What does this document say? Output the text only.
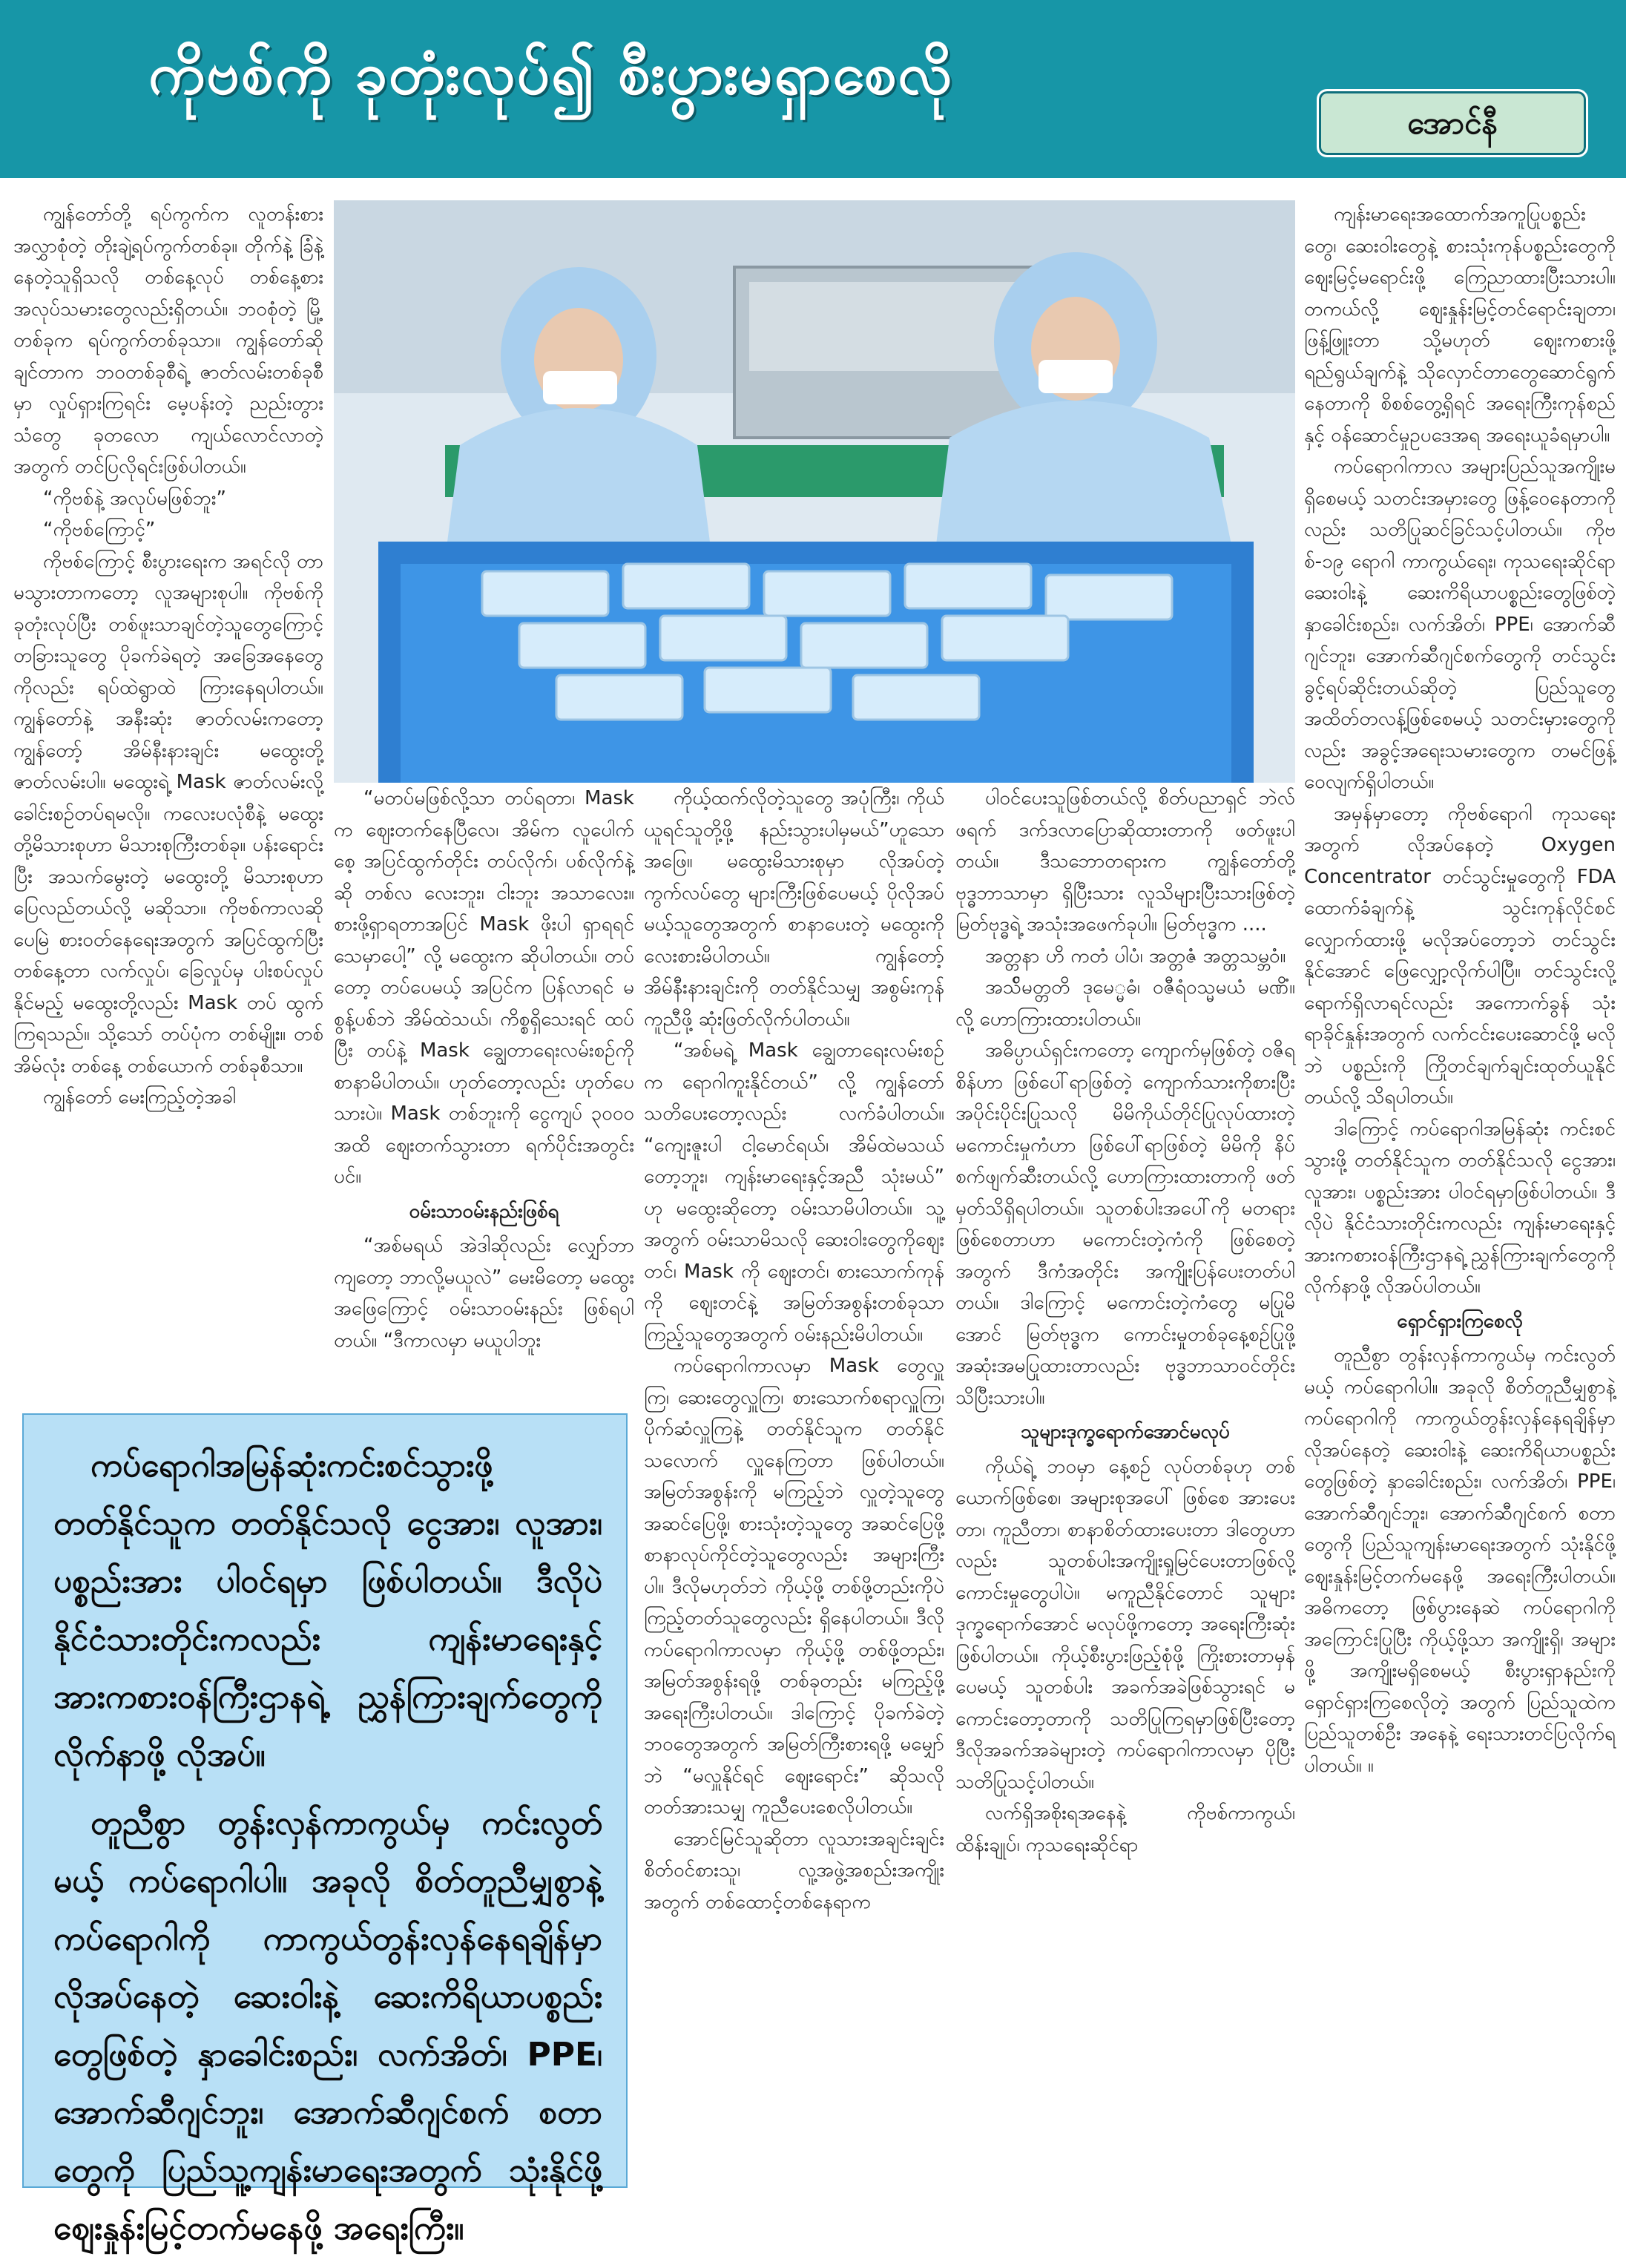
ကိုဗစ်ကို ခုတုံးလုပ်၍ စီးပွားမရှာစေလို
အောင်နီ

ကျွန်တော်တို့ ရပ်ကွက်က လူတန်းစား အလွှာစုံတဲ့ တိုးချဲ့ရပ်ကွက်တစ်ခု။ တိုက်နဲ့ ခြံနဲ့နေတဲ့သူရှိသလို တစ်နေ့လုပ် တစ်နေ့စား အလုပ်သမားတွေလည်းရှိတယ်။ ဘဝစုံတဲ့ မြို့တစ်ခုက ရပ်ကွက်တစ်ခုသာ။ ကျွန်တော်ဆိုချင်တာက ဘဝတစ်ခုစီရဲ့ ဇာတ်လမ်းတစ်ခုစီမှာ လှုပ်ရှားကြရင်း မေ့ပန်းတဲ့ ညည်းတွားသံတွေ ခုတလော ကျယ်လောင်လာတဲ့အတွက် တင်ပြလိုရင်းဖြစ်ပါတယ်။

“ကိုဗစ်နဲ့ အလုပ်မဖြစ်ဘူး”

“ကိုဗစ်ကြောင့်”

ကိုဗစ်ကြောင့် စီးပွားရေးက အရင်လို တာမသွားတာကတော့ လူအများစုပါ။ ကိုဗစ်ကို ခုတုံးလုပ်ပြီး တစ်ဖူးသာချင်တဲ့သူတွေကြောင့် တခြားသူတွေ ပိုခက်ခဲရတဲ့ အခြေအနေတွေကိုလည်း ရပ်ထဲရွာထဲ ကြားနေရပါတယ်။ ကျွန်တော်နဲ့ အနီးဆုံး ဇာတ်လမ်းကတော့ ကျွန်တော့် အိမ်နီးနားချင်း မထွေးတို့ ဇာတ်လမ်းပါ။ မထွေးရဲ့ Mask ဇာတ်လမ်းလို့ ခေါင်းစဉ်တပ်ရမလို။ ကလေးပလုံစီနဲ့ မထွေးတို့မိသားစုဟာ မိသားစုကြီးတစ်ခု။ ပန်းရောင်းပြီး အသက်မွေးတဲ့ မထွေးတို့ မိသားစုဟာ ပြေလည်တယ်လို့ မဆိုသာ။ ကိုဗစ်ကာလဆိုပေမြဲ စားဝတ်နေရေးအတွက် အပြင်ထွက်ပြီး တစ်နေ့တာ လက်လှုပ်၊ ခြေလှုပ်မှ ပါးစပ်လှုပ်နိုင်မည့် မထွေးတို့လည်း Mask တပ် ထွက်ကြရသည်။ သို့သော် တပ်ပုံက တစ်မျိုး။ တစ်အိမ်လုံး တစ်နေ့ တစ်ယောက် တစ်ခုစီသာ။

ကျွန်တော် မေးကြည့်တဲ့အခါ

“မတပ်မဖြစ်လို့သာ တပ်ရတာ၊ Mask က ဈေးတက်နေပြီလေ၊ အိမ်က လူပေါက်စေ့ အပြင်ထွက်တိုင်း တပ်လိုက်၊ ပစ်လိုက်နဲ့ဆို တစ်လ လေးဘူး၊ ငါးဘူး အသာလေး။ စားဖို့ရှာရတာအပြင် Mask ဖိုးပါ ရှာရရင် သေမှာပေါ့” လို့ မထွေးက ဆိုပါတယ်။ တပ်တော့ တပ်ပေမယ့် အပြင်က ပြန်လာရင် မစွန့်ပစ်ဘဲ အိမ်ထဲသယ်၊ ကိစ္စရှိသေးရင် ထပ်ပြီး တပ်နဲ့ Mask ချွေတာရေးလမ်းစဉ်ကို စာနာမိပါတယ်။ ဟုတ်တော့လည်း ဟုတ်ပေသားပဲ။ Mask တစ်ဘူးကို ငွေကျပ် ၃၀၀၀ အထိ ဈေးတက်သွားတာ ရက်ပိုင်းအတွင်းပင်။

ဝမ်းသာဝမ်းနည်းဖြစ်ရ

“အစ်မရယ် အဲဒါဆိုလည်း လျှော်ဘာကျတော့ ဘာလို့မယူလဲ” မေးမိတော့ မထွေးအဖြေကြောင့် ဝမ်းသာဝမ်းနည်း ဖြစ်ရပါတယ်။ “ဒီကာလမှာ မယူပါဘူး

ကိုယ့်ထက်လိုတဲ့သူတွေ အပုံကြီး၊ ကိုယ်ယူရင်သူတို့ဖို့ နည်းသွားပါမှမယ်”ဟူသော အဖြေ။ မထွေးမိသားစုမှာ လိုအပ်တဲ့ ကွက်လပ်တွေ များကြီးဖြစ်ပေမယ့် ပိုလိုအပ်မယ့်သူတွေအတွက် စာနာပေးတဲ့ မထွေးကို လေးစားမိပါတယ်။ ကျွန်တော့် အိမ်နီးနားချင်းကို တတ်နိုင်သမျှ အစွမ်းကုန် ကူညီဖို့ ဆုံးဖြတ်လိုက်ပါတယ်။

“အစ်မရဲ့ Mask ချွေတာရေးလမ်းစဉ်က ရောဂါကူးနိုင်တယ်” လို့ ကျွန်တော်သတိပေးတော့လည်း လက်ခံပါတယ်။ “ကျေးဇူးပါ ငါ့မောင်ရယ်၊ အိမ်ထဲမသယ်တော့ဘူး၊ ကျန်းမာရေးနှင့်အညီ သုံးမယ်” ဟု မထွေးဆိုတော့ ဝမ်းသာမိပါတယ်။ သူ့အတွက် ဝမ်းသာမိသလို ဆေးဝါးတွေကိုဈေးတင်၊ Mask ကို ဈေးတင်၊ စားသောက်ကုန်ကို ဈေးတင်နဲ့ အမြတ်အစွန်းတစ်ခုသာ ကြည့်သူတွေအတွက် ဝမ်းနည်းမိပါတယ်။

ကပ်ရောဂါကာလမှာ Mask တွေလှူကြ၊ ဆေးတွေလှူကြ၊ စားသောက်စရာလှူကြ၊ ပိုက်ဆံလှူကြနဲ့ တတ်နိုင်သူက တတ်နိုင်သလောက် လှူနေကြတာ ဖြစ်ပါတယ်။ အမြတ်အစွန်းကို မကြည့်ဘဲ လှူတဲ့သူတွေ အဆင်ပြေဖို့၊ စားသုံးတဲ့သူတွေ အဆင်ပြေဖို့ စာနာလုပ်ကိုင်တဲ့သူတွေလည်း အများကြီးပါ။ ဒီလိုမဟုတ်ဘဲ ကိုယ့်ဖို့ တစ်ဖို့တည်းကိုပဲ ကြည့်တတ်သူတွေလည်း ရှိနေပါတယ်။ ဒီလို ကပ်ရောဂါကာလမှာ ကိုယ့်ဖို့ တစ်ဖို့တည်း၊ အမြတ်အစွန်းရဖို့ တစ်ခုတည်း မကြည့်ဖို့ အရေးကြီးပါတယ်။ ဒါကြောင့် ပိုခက်ခဲတဲ့ ဘဝတွေအတွက် အမြတ်ကြီးစားရဖို့ မမျှော်ဘဲ “မလှူနိုင်ရင် ဈေးရောင်း” ဆိုသလို တတ်အားသမျှ ကူညီပေးစေလိုပါတယ်။

အောင်မြင်သူဆိုတာ လူသားအချင်းချင်း စိတ်ဝင်စားသူ၊ လူ့အဖွဲ့အစည်းအကျိုးအတွက် တစ်ထောင့်တစ်နေရာက

ပါဝင်ပေးသူဖြစ်တယ်လို့ စိတ်ပညာရှင် ဘဲလ်ဖရက် ဒက်ဒလာပြောဆိုထားတာကို ဖတ်ဖူးပါတယ်။ ဒီသဘောတရားက ကျွန်တော်တို့ ဗုဒ္ဓဘာသာမှာ ရှိပြီးသား လူသိများပြီးသားဖြစ်တဲ့ မြတ်ဗုဒ္ဓရဲ့ အသုံးအဖေက်ခုပါ။ မြတ်ဗုဒ္ဓက ....

အတ္တနာ ဟိ ကတံ ပါပံ၊ အတ္တဇံ အတ္တသမ္ဘဝံ။

အသ်ိမတ္တတိ ဒုမေ္မဓံ၊ ဝဇီရံဝသ္မမယံ မဏိံ။ လို့ ဟောကြားထားပါတယ်။

အဓိပ္ပာယ်ရှင်းကတော့ ကျောက်မှဖြစ်တဲ့ ဝဇိရစိန်ဟာ ဖြစ်ပေါ်ရာဖြစ်တဲ့ ကျောက်သားကိုစားပြီး အပိုင်းပိုင်းပြုသလို မိမိကိုယ်တိုင်ပြုလုပ်ထားတဲ့ မကောင်းမှုကံဟာ ဖြစ်ပေါ်ရာဖြစ်တဲ့ မိမိကို နိပ်စက်ဖျက်ဆီးတယ်လို့ ဟောကြားထားတာကို ဖတ်မှတ်သိရှိရပါတယ်။ သူတစ်ပါးအပေါ်ကို မတရားဖြစ်စေတာဟာ မကောင်းတဲ့ကံကို ဖြစ်စေတဲ့အတွက် ဒီကံအတိုင်း အကျိုးပြန်ပေးတတ်ပါတယ်။ ဒါကြောင့် မကောင်းတဲ့ကံတွေ မပြုမိအောင် မြတ်ဗုဒ္ဓက ကောင်းမှုတစ်ခုနေ့စဉ်ပြုဖို့ အဆုံးအမပြုထားတာလည်း ဗုဒ္ဓဘာသာဝင်တိုင်း သိပြီးသားပါ။

သူများဒုက္ခရောက်အောင်မလုပ်

ကိုယ်ရဲ့ ဘဝမှာ နေ့စဉ် လုပ်တစ်ခုဟု တစ်ယောက်ဖြစ်စေ၊ အများစုအပေါ် ဖြစ်စေ အားပေးတာ၊ ကူညီတာ၊ စာနာစိတ်ထားပေးတာ ဒါတွေဟာလည်း သူတစ်ပါးအကျိုးရှုမြင်ပေးတာဖြစ်လို့ ကောင်းမှုတွေပါပဲ။ မကူညီနိုင်တောင် သူများဒုက္ခရောက်အောင် မလုပ်ဖို့ကတော့ အရေးကြီးဆုံးဖြစ်ပါတယ်။ ကိုယ့်စီးပွားဖြည့်စုံဖို့ ကြိုးစားတာမှန်ပေမယ့် သူတစ်ပါး အခက်အခဲဖြစ်သွားရင် မကောင်းတော့တာကို သတိပြုကြရမှာဖြစ်ပြီးတော့ ဒီလိုအခက်အခဲများတဲ့ ကပ်ရောဂါကာလမှာ ပိုပြီး သတိပြုသင့်ပါတယ်။

လက်ရှိအစိုးရအနေနဲ့ ကိုဗစ်ကာကွယ်၊ ထိန်းချုပ်၊ ကုသရေးဆိုင်ရာ

ကျန်းမာရေးအထောက်အကူပြုပစ္စည်းတွေ၊ ဆေးဝါးတွေနဲ့ စားသုံးကုန်ပစ္စည်းတွေကို ဈေးမြင့်မရောင်းဖို့ ကြေညာထားပြီးသားပါ။ တကယ်လို့ ဈေးနှုန်းမြင့်တင်ရောင်းချတာ၊ ဖြန့်ဖြူးတာ သို့မဟုတ် ဈေးကစားဖို့ ရည်ရွယ်ချက်နဲ့ သိုလှောင်တာတွေဆောင်ရွက်နေတာကို စိစစ်တွေ့ရှိရင် အရေးကြီးကုန်စည်နှင့် ဝန်ဆောင်မှုဥပဒေအရ အရေးယူခံရမှာပါ။

ကပ်ရောဂါကာလ အများပြည်သူအကျိုးမရှိစေမယ့် သတင်းအမှားတွေ ဖြန့်ဝေနေတာကိုလည်း သတိပြုဆင်ခြင်သင့်ပါတယ်။ ကိုဗစ်-၁၉ ရောဂါ ကာကွယ်ရေး၊ ကုသရေးဆိုင်ရာ ဆေးဝါးနဲ့ ဆေးကိရိယာပစ္စည်းတွေဖြစ်တဲ့ နှာခေါင်းစည်း၊ လက်အိတ်၊ PPE၊ အောက်ဆီဂျင်ဘူး၊ အောက်ဆီဂျင်စက်တွေကို တင်သွင်းခွင့်ရပ်ဆိုင်းတယ်ဆိုတဲ့ ပြည်သူတွေ အထိတ်တလန့်ဖြစ်စေမယ့် သတင်းမှားတွေကိုလည်း အခွင့်အရေးသမားတွေက တမင်ဖြန့်ဝေလျက်ရှိပါတယ်။

အမှန်မှာတော့ ကိုဗစ်ရောဂါ ကုသရေးအတွက် လိုအပ်နေတဲ့ Oxygen Concentrator တင်သွင်းမှုတွေကို FDA ထောက်ခံချက်နဲ့ သွင်းကုန်လိုင်စင်လျှောက်ထားဖို့ မလိုအပ်တော့ဘဲ တင်သွင်းနိုင်အောင် ဖြေလျှော့လိုက်ပါပြီ။ တင်သွင်းလို့ ရောက်ရှိလာရင်လည်း အကောက်ခွန် သုံးရာခိုင်နှုန်းအတွက် လက်ငင်းပေးဆောင်ဖို့ မလိုဘဲ ပစ္စည်းကို ကြိုတင်ချက်ချင်းထုတ်ယူနိုင်တယ်လို့ သိရပါတယ်။

ဒါကြောင့် ကပ်ရောဂါအမြန်ဆုံး ကင်းစင်သွားဖို့ တတ်နိုင်သူက တတ်နိုင်သလို ငွေအား၊ လူအား၊ ပစ္စည်းအား ပါဝင်ရမှာဖြစ်ပါတယ်။ ဒီလိုပဲ နိုင်ငံသားတိုင်းကလည်း ကျန်းမာရေးနှင့် အားကစားဝန်ကြီးဌာနရဲ့ ညွှန်ကြားချက်တွေကို လိုက်နာဖို့ လိုအပ်ပါတယ်။

ရှောင်ရှားကြစေလို

တူညီစွာ တွန်းလှန်ကာကွယ်မှ ကင်းလွတ်မယ့် ကပ်ရောဂါပါ။ အခုလို စိတ်တူညီမျှစွာနဲ့ ကပ်ရောဂါကို ကာကွယ်တွန်းလှန်နေရချိန်မှာ လိုအပ်နေတဲ့ ဆေးဝါးနဲ့ ဆေးကိရိယာပစ္စည်းတွေဖြစ်တဲ့ နှာခေါင်းစည်း၊ လက်အိတ်၊ PPE၊ အောက်ဆီဂျင်ဘူး၊ အောက်ဆီဂျင်စက် စတာတွေကို ပြည်သူကျန်းမာရေးအတွက် သုံးနိုင်ဖို့ ဈေးနှုန်းမြင့်တက်မနေဖို့ အရေးကြီးပါတယ်။ အဓိကတော့ ဖြစ်ပွားနေဆဲ ကပ်ရောဂါကို အကြောင်းပြုပြီး ကိုယ့်ဖို့သာ အကျိုးရှိ၊ အများဖို့ အကျိုးမရှိစေမယ့် စီးပွားရှာနည်းကို ရှောင်ရှားကြစေလိုတဲ့ အတွက် ပြည်သူထဲက ပြည်သူတစ်ဦး အနေနဲ့ ရေးသားတင်ပြလိုက်ရပါတယ်။ ။

ကပ်ရောဂါအမြန်ဆုံးကင်းစင်သွားဖို့ တတ်နိုင်သူက တတ်နိုင်သလို ငွေအား၊ လူအား၊ ပစ္စည်းအား ပါဝင်ရမှာ ဖြစ်ပါတယ်။ ဒီလိုပဲ နိုင်ငံသားတိုင်းကလည်း ကျန်းမာရေးနှင့် အားကစားဝန်ကြီးဌာနရဲ့ ညွှန်ကြားချက်တွေကို လိုက်နာဖို့ လိုအပ်။

တူညီစွာ တွန်းလှန်ကာကွယ်မှ ကင်းလွတ်မယ့် ကပ်ရောဂါပါ။ အခုလို စိတ်တူညီမျှစွာနဲ့ ကပ်ရောဂါကို ကာကွယ်တွန်းလှန်နေရချိန်မှာ လိုအပ်နေတဲ့ ဆေးဝါးနဲ့ ဆေးကိရိယာပစ္စည်းတွေဖြစ်တဲ့ နှာခေါင်းစည်း၊ လက်အိတ်၊ PPE၊ အောက်ဆီဂျင်ဘူး၊ အောက်ဆီဂျင်စက် စတာတွေကို ပြည်သူ့ကျန်းမာရေးအတွက် သုံးနိုင်ဖို့ ဈေးနှုန်းမြင့်တက်မနေဖို့ အရေးကြီး။
